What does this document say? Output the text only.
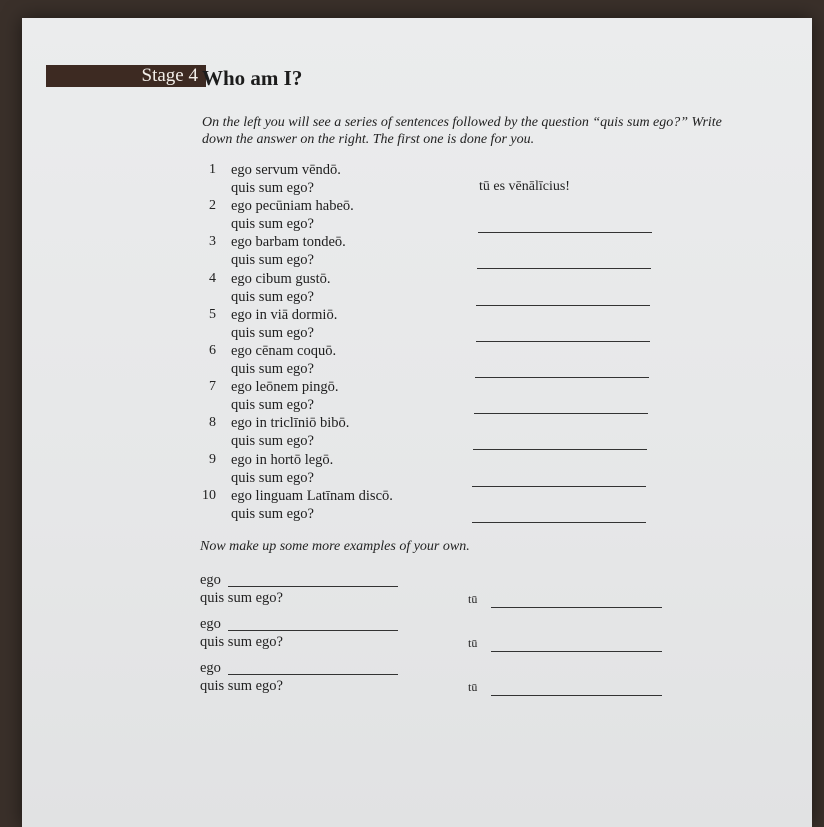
Stage 4 Who am I?
On the left you will see a series of sentences followed by the question “quis sum ego?” Write down the answer on the right. The first one is done for you.
1 ego servum vēndō.
quis sum ego?	tū es vēnālīcius!
2 ego pecūniam habeō.
quis sum ego?
3 ego barbam tondeō.
quis sum ego?
4 ego cibum gustō.
quis sum ego?
5 ego in viā dormiō.
quis sum ego?
6 ego cēnam coquō.
quis sum ego?
7 ego leōnem pingō.
quis sum ego?
8 ego in triclīniō bibō.
quis sum ego?
9 ego in hortō legō.
quis sum ego?
10 ego linguam Latīnam discō.
quis sum ego?
Now make up some more examples of your own.
ego
quis sum ego?	tū
ego
quis sum ego?	tū
ego
quis sum ego?	tū
